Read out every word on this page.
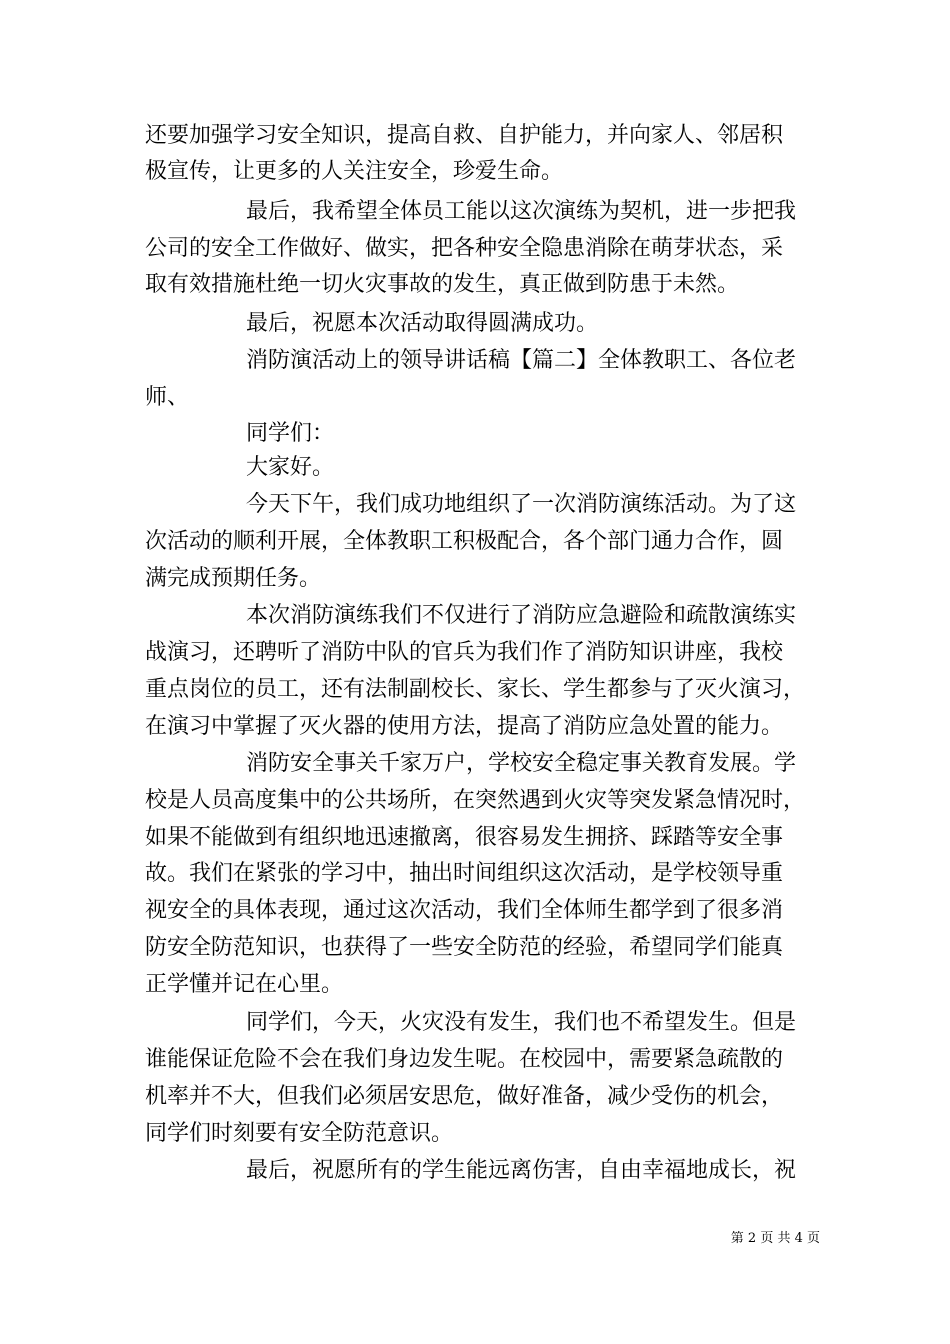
还要加强学习安全知识，提高自救、自护能力，并向家人、邻居积
极宣传，让更多的人关注安全，珍爱生命。
最后，我希望全体员工能以这次演练为契机，进一步把我
公司的安全工作做好、做实，把各种安全隐患消除在萌芽状态，采
取有效措施杜绝一切火灾事故的发生，真正做到防患于未然。
最后，祝愿本次活动取得圆满成功。
消防演活动上的领导讲话稿【篇二】全体教职工、各位老
师、
同学们：
大家好。
今天下午，我们成功地组织了一次消防演练活动。为了这
次活动的顺利开展，全体教职工积极配合，各个部门通力合作，圆
满完成预期任务。
本次消防演练我们不仅进行了消防应急避险和疏散演练实
战演习，还聘听了消防中队的官兵为我们作了消防知识讲座，我校
重点岗位的员工，还有法制副校长、家长、学生都参与了灭火演习，
在演习中掌握了灭火器的使用方法，提高了消防应急处置的能力。
消防安全事关千家万户，学校安全稳定事关教育发展。学
校是人员高度集中的公共场所，在突然遇到火灾等突发紧急情况时，
如果不能做到有组织地迅速撤离，很容易发生拥挤、踩踏等安全事
故。我们在紧张的学习中，抽出时间组织这次活动，是学校领导重
视安全的具体表现，通过这次活动，我们全体师生都学到了很多消
防安全防范知识，也获得了一些安全防范的经验，希望同学们能真
正学懂并记在心里。
同学们，今天，火灾没有发生，我们也不希望发生。但是
谁能保证危险不会在我们身边发生呢。在校园中，需要紧急疏散的
机率并不大，但我们必须居安思危，做好准备，减少受伤的机会，
同学们时刻要有安全防范意识。
最后，祝愿所有的学生能远离伤害，自由幸福地成长，祝
第 2 页 共 4 页
